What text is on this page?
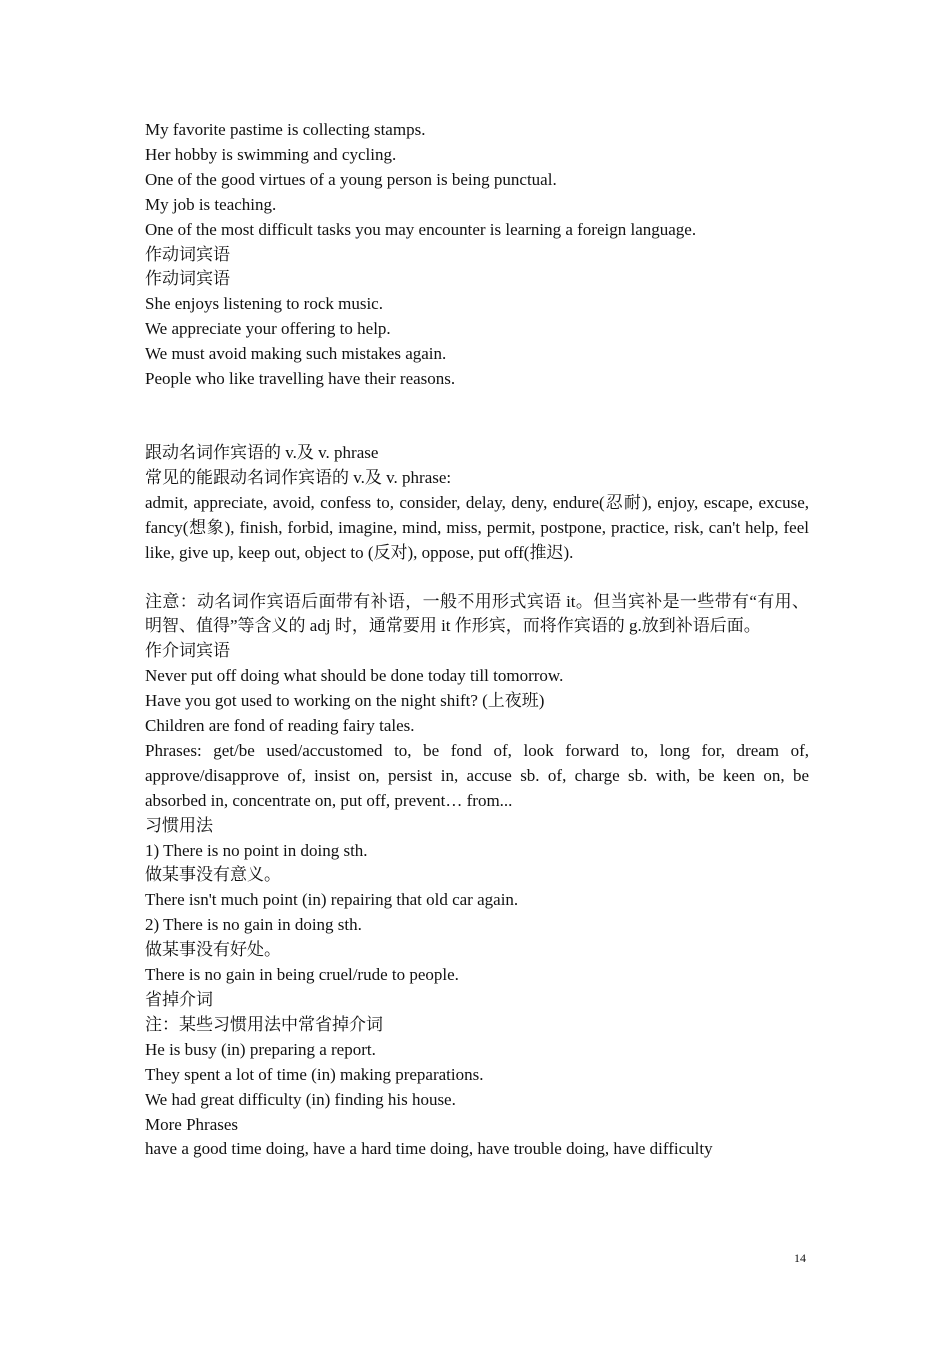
My favorite pastime is collecting stamps.
Her hobby is swimming and cycling.
One of the good virtues of a young person is being punctual.
My job is teaching.
One of the most difficult tasks you may encounter is learning a foreign language.
作动词宾语
作动词宾语
She enjoys listening to rock music.
We appreciate your offering to help.
We must avoid making such mistakes again.
People who like travelling have their reasons.
跟动名词作宾语的 v.及 v. phrase
常见的能跟动名词作宾语的 v.及 v. phrase:
admit, appreciate, avoid, confess to, consider, delay, deny, endure(忍耐), enjoy, escape, excuse, fancy(想象), finish, forbid, imagine, mind, miss, permit, postpone, practice, risk, can't help, feel like, give up, keep out, object to (反对), oppose, put off(推迟).
注意：动名词作宾语后面带有补语，一般不用形式宾语 it。但当宾补是一些带有“有用、明智、值得”等含义的 adj 时，通常要用 it 作形宾，而将作宾语的 g.放到补语后面。
作介词宾语
Never put off doing what should be done today till tomorrow.
Have you got used to working on the night shift? (上夜班)
Children are fond of reading fairy tales.
Phrases: get/be used/accustomed to, be fond of, look forward to, long for, dream of, approve/disapprove of, insist on, persist in, accuse sb. of, charge sb. with, be keen on, be absorbed in, concentrate on, put off, prevent… from...
习惯用法
1) There is no point in doing sth.
做某事没有意义。
There isn't much point (in) repairing that old car again.
2) There is no gain in doing sth.
做某事没有好处。
There is no gain in being cruel/rude to people.
省掉介词
注：某些习惯用法中常省掉介词
He is busy (in) preparing a report.
They spent a lot of time (in) making preparations.
We had great difficulty (in) finding his house.
More Phrases
have a good time doing, have a hard time doing, have trouble doing, have difficulty
14
